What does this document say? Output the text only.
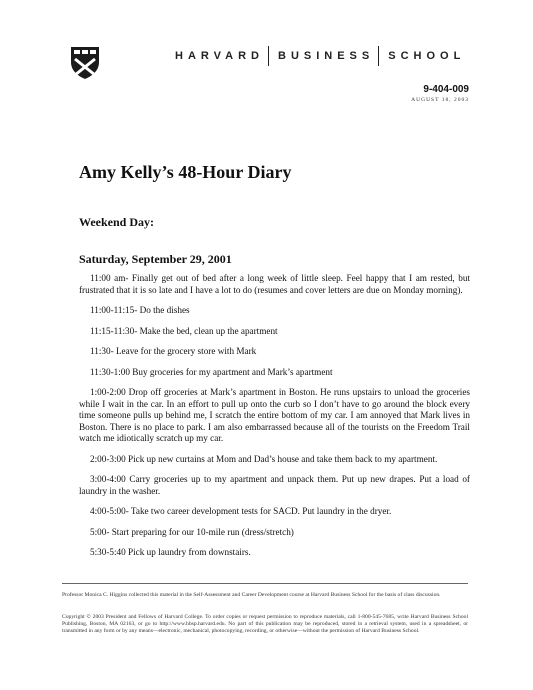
HARVARD BUSINESS SCHOOL
9-404-009
AUGUST 18, 2003
Amy Kelly’s 48-Hour Diary
Weekend Day:
Saturday, September 29, 2001

11:00 am- Finally get out of bed after a long week of little sleep. Feel happy that I am rested, but frustrated that it is so late and I have a lot to do (resumes and cover letters are due on Monday morning).

11:00-11:15- Do the dishes

11:15-11:30- Make the bed, clean up the apartment

11:30- Leave for the grocery store with Mark

11:30-1:00 Buy groceries for my apartment and Mark’s apartment

1:00-2:00 Drop off groceries at Mark’s apartment in Boston. He runs upstairs to unload the groceries while I wait in the car. In an effort to pull up onto the curb so I don’t have to go around the block every time someone pulls up behind me, I scratch the entire bottom of my car. I am annoyed that Mark lives in Boston. There is no place to park. I am also embarrassed because all of the tourists on the Freedom Trail watch me idiotically scratch up my car.

2:00-3:00 Pick up new curtains at Mom and Dad’s house and take them back to my apartment.

3:00-4:00 Carry groceries up to my apartment and unpack them. Put up new drapes. Put a load of laundry in the washer.

4:00-5:00- Take two career development tests for SACD. Put laundry in the dryer.

5:00- Start preparing for our 10-mile run (dress/stretch)

5:30-5:40 Pick up laundry from downstairs.

Professor Monica C. Higgins collected this material in the Self-Assessment and Career Development course at Harvard Business School for the basis of class discussion.

Copyright © 2003 President and Fellows of Harvard College. To order copies or request permission to reproduce materials, call 1-800-545-7685, write Harvard Business School Publishing, Boston, MA 02163, or go to http://www.hbsp.harvard.edu. No part of this publication may be reproduced, stored in a retrieval system, used in a spreadsheet, or transmitted in any form or by any means—electronic, mechanical, photocopying, recording, or otherwise—without the permission of Harvard Business School.
